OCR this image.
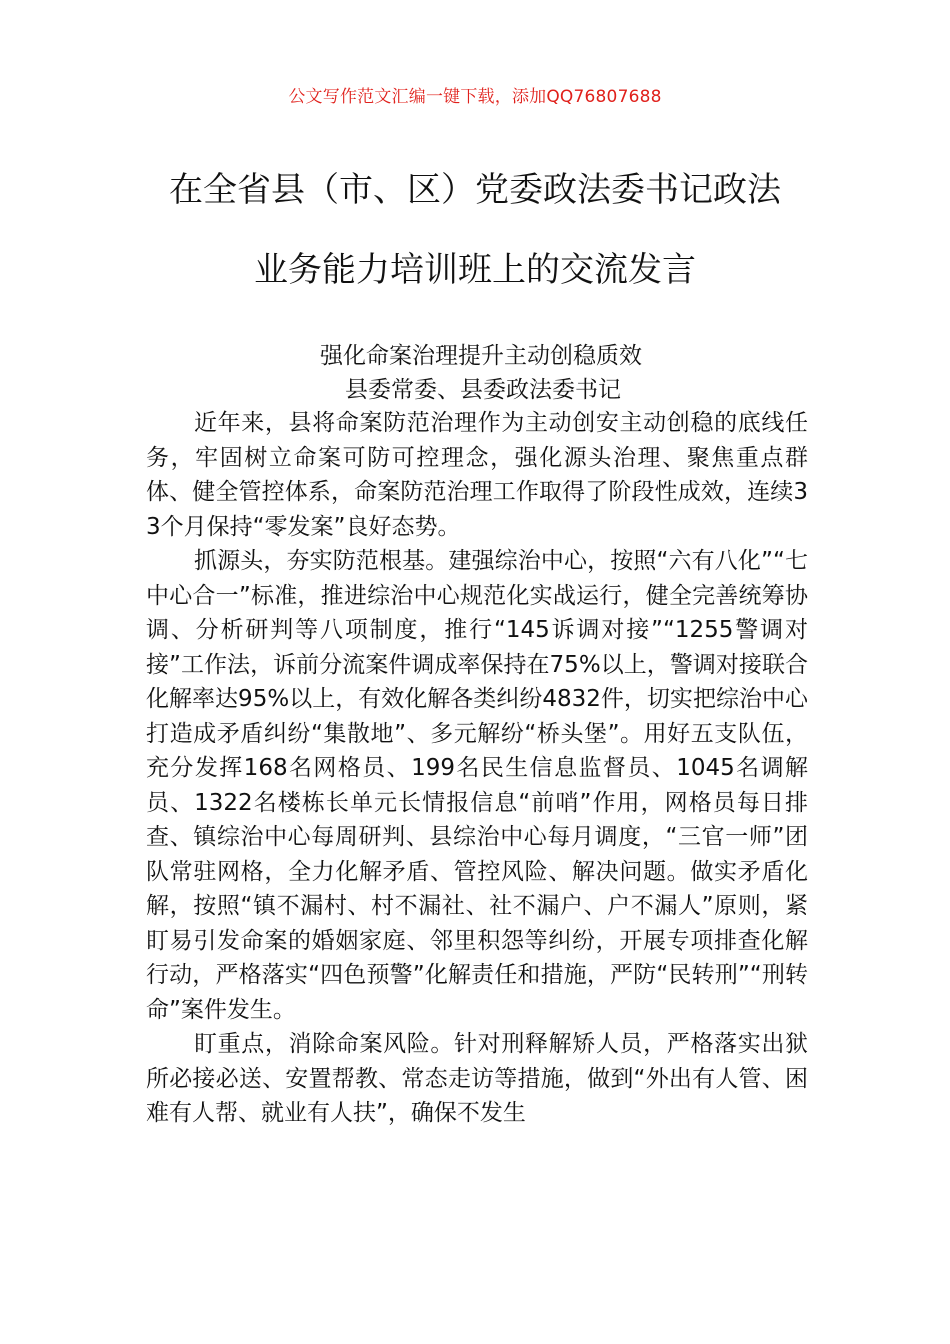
公文写作范文汇编一键下载，添加QQ76807688
在全省县（市、区）党委政法委书记政法
业务能力培训班上的交流发言
强化命案治理提升主动创稳质效
县委常委、县委政法委书记

近年来，县将命案防范治理作为主动创安主动创稳的底线任务，牢固树立命案可防可控理念，强化源头治理、聚焦重点群体、健全管控体系，命案防范治理工作取得了阶段性成效，连续33个月保持“零发案”良好态势。

抓源头，夯实防范根基。建强综治中心，按照“六有八化”“七中心合一”标准，推进综治中心规范化实战运行，健全完善统筹协调、分析研判等八项制度，推行“145诉调对接”“1255警调对接”工作法，诉前分流案件调成率保持在75%以上，警调对接联合化解率达95%以上，有效化解各类纠纷4832件，切实把综治中心打造成矛盾纠纷“集散地”、多元解纷“桥头堡”。用好五支队伍，充分发挥168名网格员、199名民生信息监督员、1045名调解员、1322名楼栋长单元长情报信息“前哨”作用，网格员每日排查、镇综治中心每周研判、县综治中心每月调度，“三官一师”团队常驻网格，全力化解矛盾、管控风险、解决问题。做实矛盾化解，按照“镇不漏村、村不漏社、社不漏户、户不漏人”原则，紧盯易引发命案的婚姻家庭、邻里积怨等纠纷，开展专项排查化解行动，严格落实“四色预警”化解责任和措施，严防“民转刑”“刑转命”案件发生。

盯重点，消除命案风险。针对刑释解矫人员，严格落实出狱所必接必送、安置帮教、常态走访等措施，做到“外出有人管、困难有人帮、就业有人扶”，确保不发生
